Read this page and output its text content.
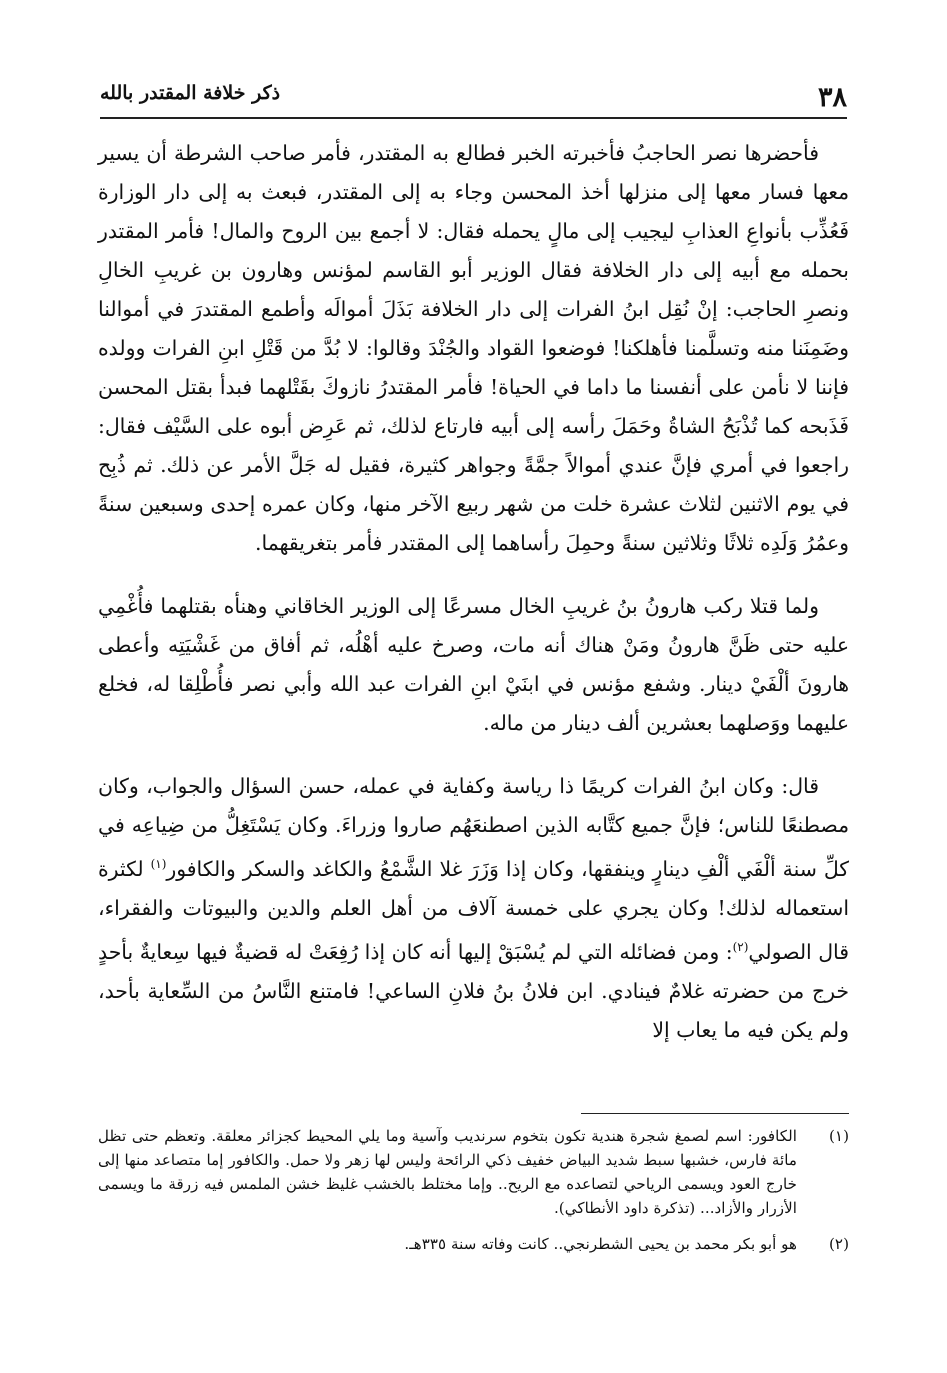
٣٨
ذكر خلافة المقتدر بالله

فأحضرها نصر الحاجبُ فأخبرته الخبر فطالع به المقتدر، فأمر صاحب الشرطة أن يسير معها فسار معها إلى منزلها أخذ المحسن وجاء به إلى المقتدر، فبعث به إلى دار الوزارة فَعُذِّب بأنواعِ العذابِ ليجيب إلى مالٍ يحمله فقال: لا أجمع بين الروح والمال! فأمر المقتدر بحمله مع أبيه إلى دار الخلافة فقال الوزير أبو القاسم لمؤنس وهارون بن غريبِ الخالِ ونصرِ الحاجب: إنْ نُقِل ابنُ الفرات إلى دار الخلافة بَذَلَ أموالَه وأطمع المقتدرَ في أموالنا وضَمِنَنا منه وتسلَّمنا فأهلكنا! فوضعوا القواد والجُنْدَ وقالوا: لا بُدَّ من قَتْلِ ابنِ الفرات وولده فإننا لا نأمن على أنفسنا ما داما في الحياة! فأمر المقتدرُ نازوكَ بقَتْلهما فبدأ بقتل المحسن فَذَبحه كما تُذْبَحُ الشاةُ وحَمَلَ رأسه إلى أبيه فارتاع لذلك، ثم عَرِض أبوه على السَّيْف فقال: راجعوا في أمري فإنَّ عندي أموالاً جمَّةً وجواهر كثيرة، فقيل له جَلَّ الأمر عن ذلك. ثم ذُبِح في يوم الاثنين لثلاث عشرة خلت من شهر ربيع الآخر منها، وكان عمره إحدى وسبعين سنةً وعمُرُ وَلَدِه ثلاثًا وثلاثين سنةً وحمِلَ رأساهما إلى المقتدر فأمر بتغريقهما.

ولما قتلا ركب هارونُ بنُ غريبِ الخال مسرعًا إلى الوزير الخاقاني وهنأه بقتلهما فأُغْمِي عليه حتى ظَنَّ هارونُ ومَنْ هناك أنه مات، وصرخ عليه أهْلُه، ثم أفاق من غَشْيَتِه وأعطى هارونَ ألْفَيْ دينار. وشفع مؤنس في ابنَيْ ابنِ الفرات عبد الله وأبي نصر فأُطْلِقا له، فخلع عليهما ووَصلهما بعشرين ألف دينار من ماله.

قال: وكان ابنُ الفرات كريمًا ذا رياسة وكفاية في عمله، حسن السؤال والجواب، وكان مصطنعًا للناس؛ فإنَّ جميع كتَّابه الذين اصطنعَهُم صاروا وزراءَ. وكان يَسْتَغِلُّ من ضِياعِه في كلِّ سنة ألْفَي ألْفِ دينارٍ وينفقها، وكان إذا وَزَرَ غلا الشَّمْعُ والكاغد والسكر والكافور$^{(١)}$ لكثرة استعماله لذلك! وكان يجري على خمسة آلاف من أهل العلم والدين والبيوتات والفقراء، قال الصولي$^{(٢)}$: ومن فضائله التي لم يُسْبَقْ إليها أنه كان إذا رُفِعَتْ له قضيةٌ فيها سِعايةٌ بأحدٍ خرج من حضرته غلامٌ فينادي. ابن فلانُ بنُ فلانِ الساعي! فامتنع النَّاسُ من السِّعاية بأحد، ولم يكن فيه ما يعاب إلا

(١)
الكافور: اسم لصمغ شجرة هندية تكون بتخوم سرنديب وآسية وما يلي المحيط كجزائر معلقة. وتعظم حتى تظل مائة فارس، خشبها سبط شديد البياض خفيف ذكي الرائحة وليس لها زهر ولا حمل. والكافور إما متصاعد منها إلى خارج العود ويسمى الرياحي لتصاعده مع الريح.. وإما مختلط بالخشب غليظ خشن الملمس فيه زرقة ما ويسمى الأزرار والأزاد... (تذكرة داود الأنطاكي).
(٢)
هو أبو بكر محمد بن يحيى الشطرنجي.. كانت وفاته سنة ٣٣٥هـ.
